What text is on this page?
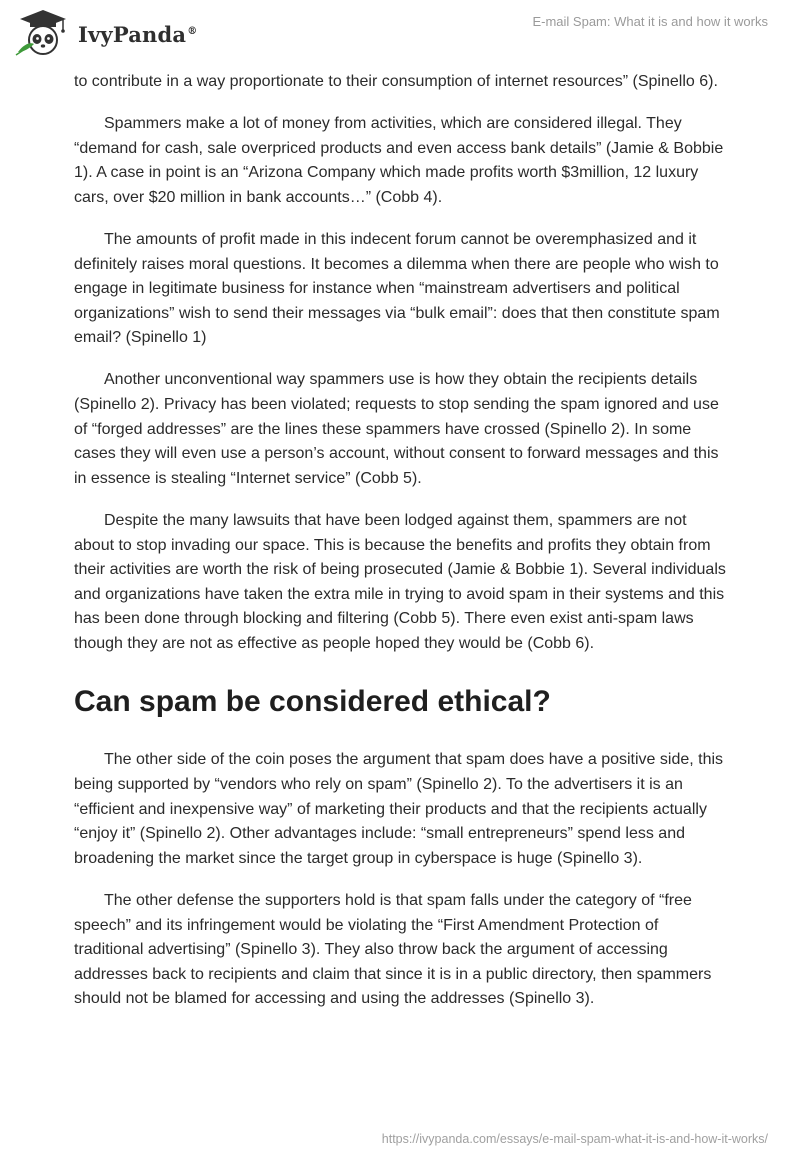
IvyPanda®
E-mail Spam: What it is and how it works

to contribute in a way proportionate to their consumption of internet resources” (Spinello 6).

Spammers make a lot of money from activities, which are considered illegal. They “demand for cash, sale overpriced products and even access bank details” (Jamie & Bobbie 1). A case in point is an “Arizona Company which made profits worth $3million, 12 luxury cars, over $20 million in bank accounts…” (Cobb 4).

The amounts of profit made in this indecent forum cannot be overemphasized and it definitely raises moral questions. It becomes a dilemma when there are people who wish to engage in legitimate business for instance when “mainstream advertisers and political organizations” wish to send their messages via “bulk email”: does that then constitute spam email? (Spinello 1)

Another unconventional way spammers use is how they obtain the recipients details (Spinello 2). Privacy has been violated; requests to stop sending the spam ignored and use of “forged addresses” are the lines these spammers have crossed (Spinello 2). In some cases they will even use a person’s account, without consent to forward messages and this in essence is stealing “Internet service” (Cobb 5).

Despite the many lawsuits that have been lodged against them, spammers are not about to stop invading our space. This is because the benefits and profits they obtain from their activities are worth the risk of being prosecuted (Jamie & Bobbie 1). Several individuals and organizations have taken the extra mile in trying to avoid spam in their systems and this has been done through blocking and filtering (Cobb 5). There even exist anti-spam laws though they are not as effective as people hoped they would be (Cobb 6).

Can spam be considered ethical?

The other side of the coin poses the argument that spam does have a positive side, this being supported by “vendors who rely on spam” (Spinello 2). To the advertisers it is an “efficient and inexpensive way” of marketing their products and that the recipients actually “enjoy it” (Spinello 2). Other advantages include: “small entrepreneurs” spend less and broadening the market since the target group in cyberspace is huge (Spinello 3).

The other defense the supporters hold is that spam falls under the category of “free speech” and its infringement would be violating the “First Amendment Protection of traditional advertising” (Spinello 3). They also throw back the argument of accessing addresses back to recipients and claim that since it is in a public directory, then spammers should not be blamed for accessing and using the addresses (Spinello 3).

https://ivypanda.com/essays/e-mail-spam-what-it-is-and-how-it-works/
